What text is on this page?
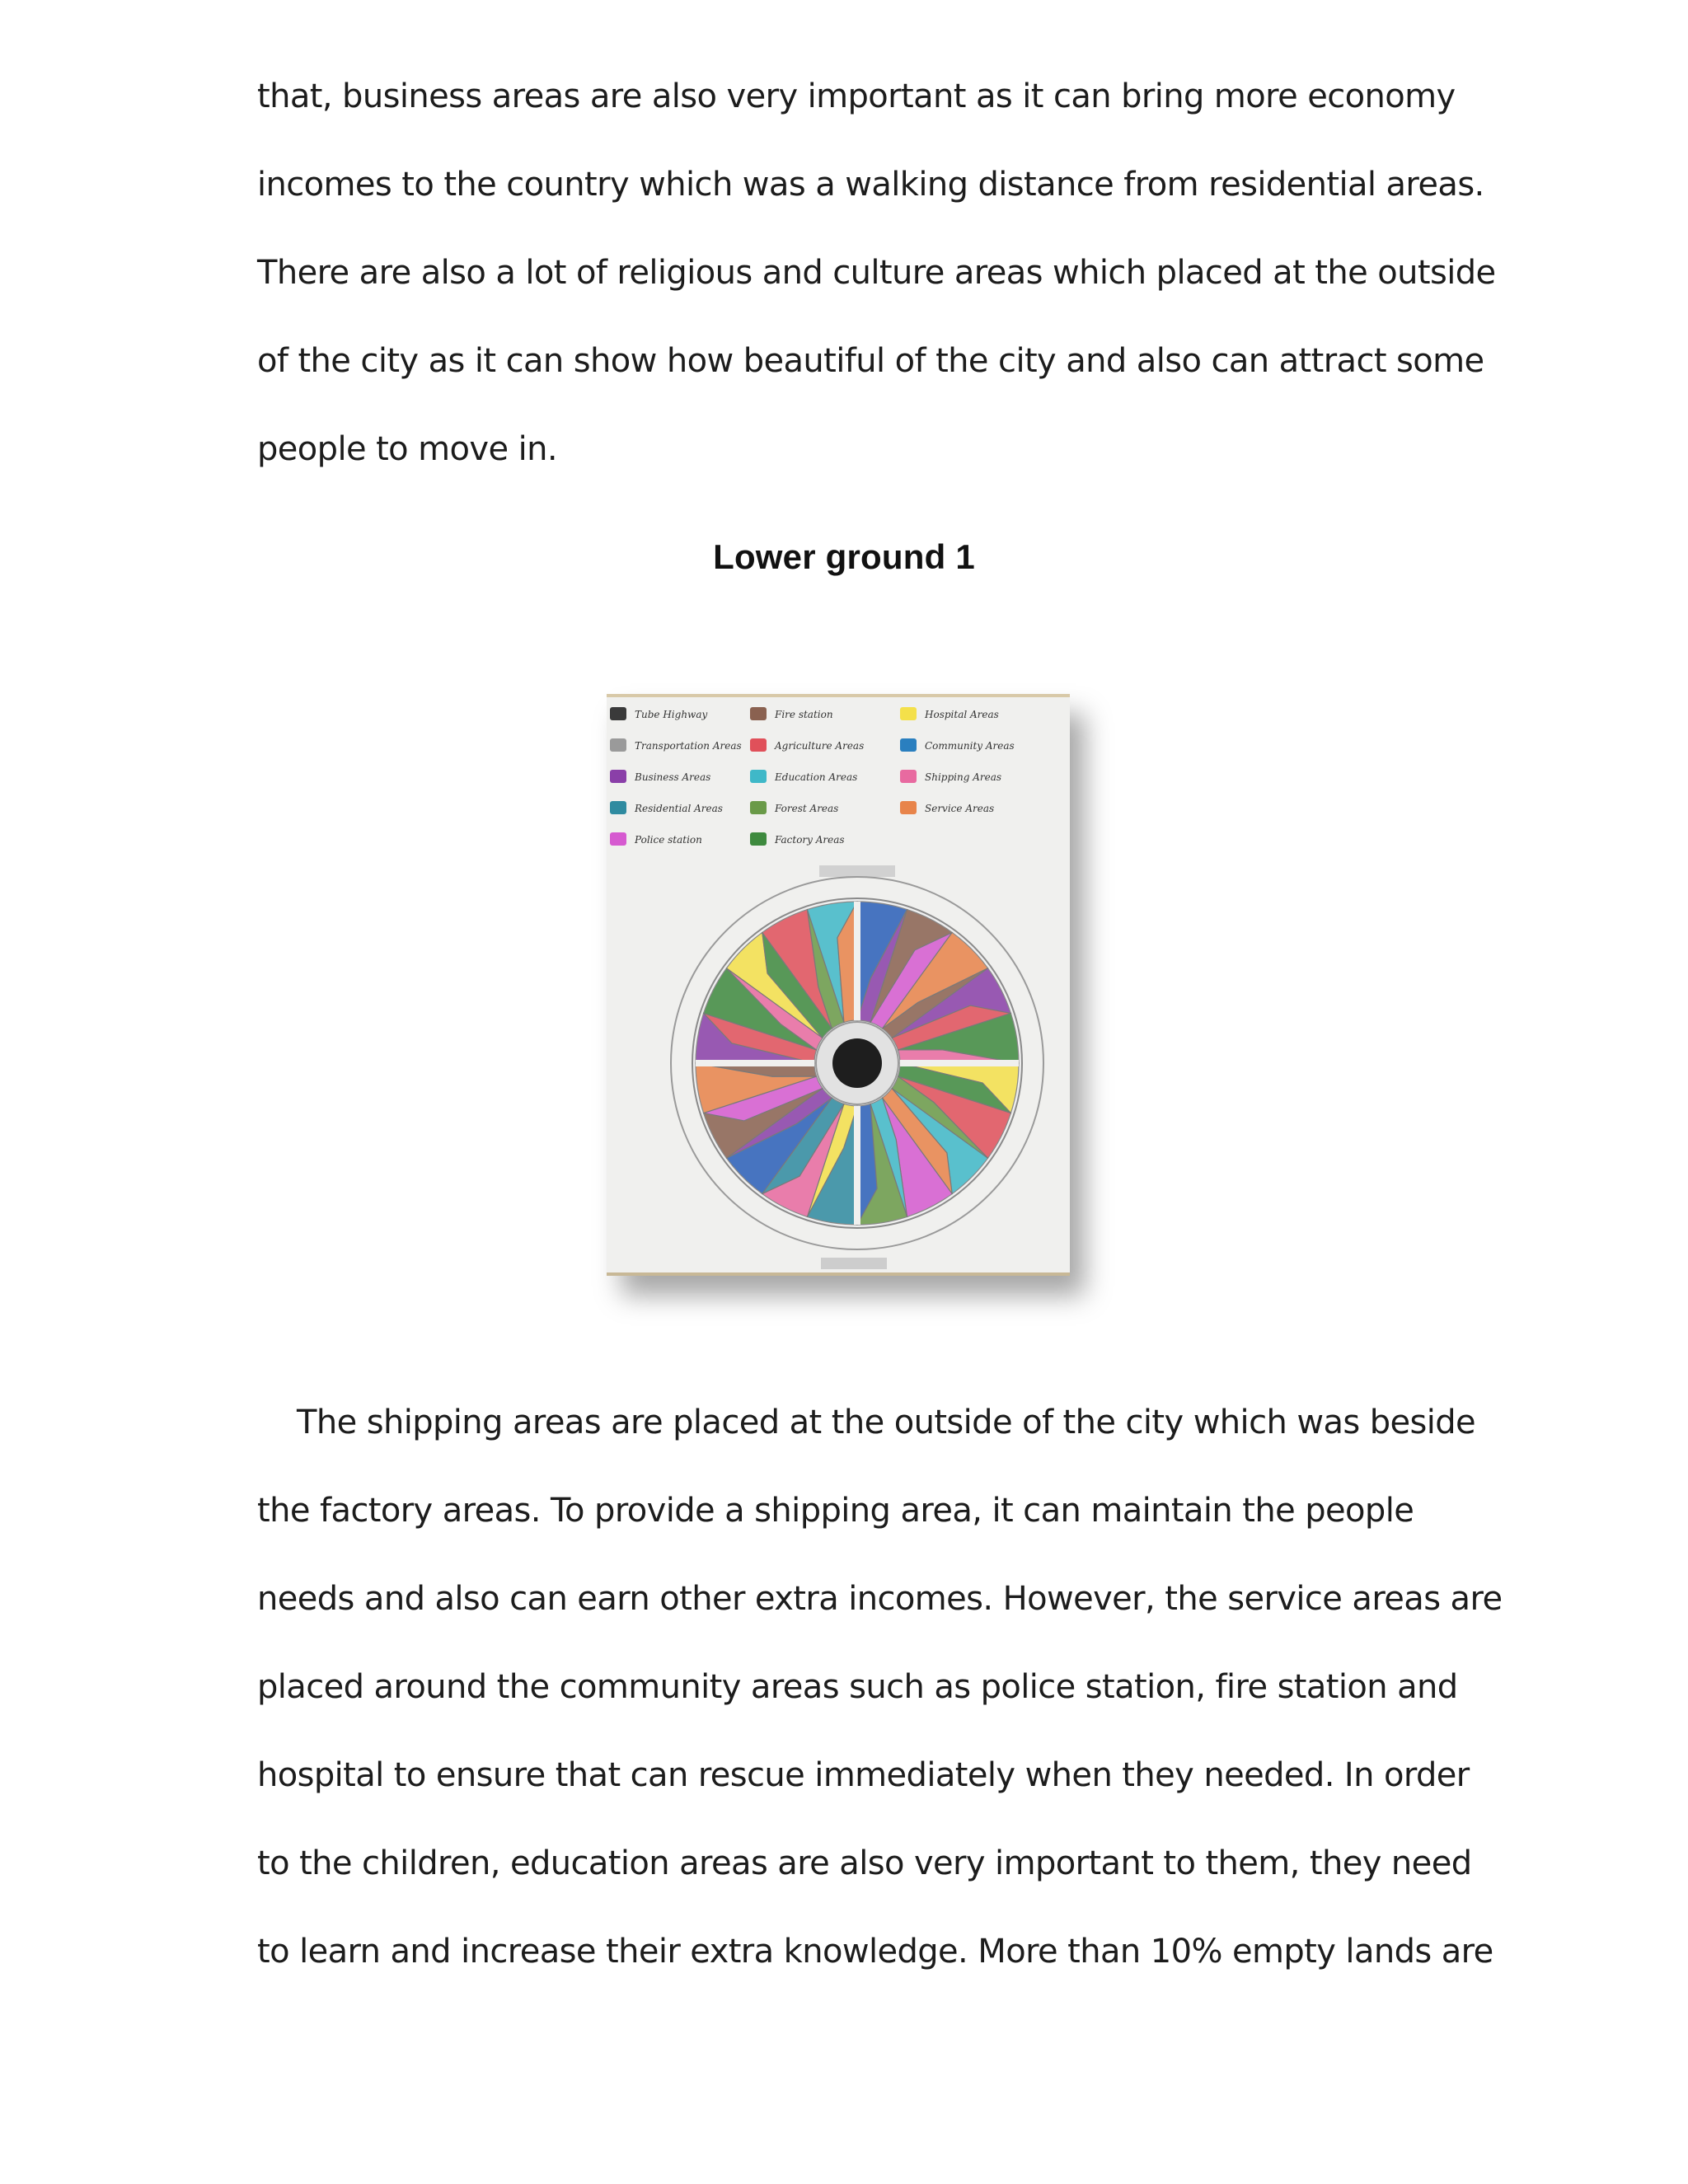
that, business areas are also very important as it can bring more economy
incomes to the country which was a walking distance from residential areas.
There are also a lot of religious and culture areas which placed at the outside
of the city as it can show how beautiful of the city and also can attract some
people to move in.
Lower ground 1
Tube Highway
Transportation Areas
Business Areas
Residential Areas
Police station
Fire station
Agriculture Areas
Education Areas
Forest Areas
Factory Areas
Hospital Areas
Community Areas
Shipping Areas
Service Areas
The shipping areas are placed at the outside of the city which was beside
the factory areas. To provide a shipping area, it can maintain the people
needs and also can earn other extra incomes. However, the service areas are
placed around the community areas such as police station, fire station and
hospital to ensure that can rescue immediately when they needed. In order
to the children, education areas are also very important to them, they need
to learn and increase their extra knowledge. More than 10% empty lands are
